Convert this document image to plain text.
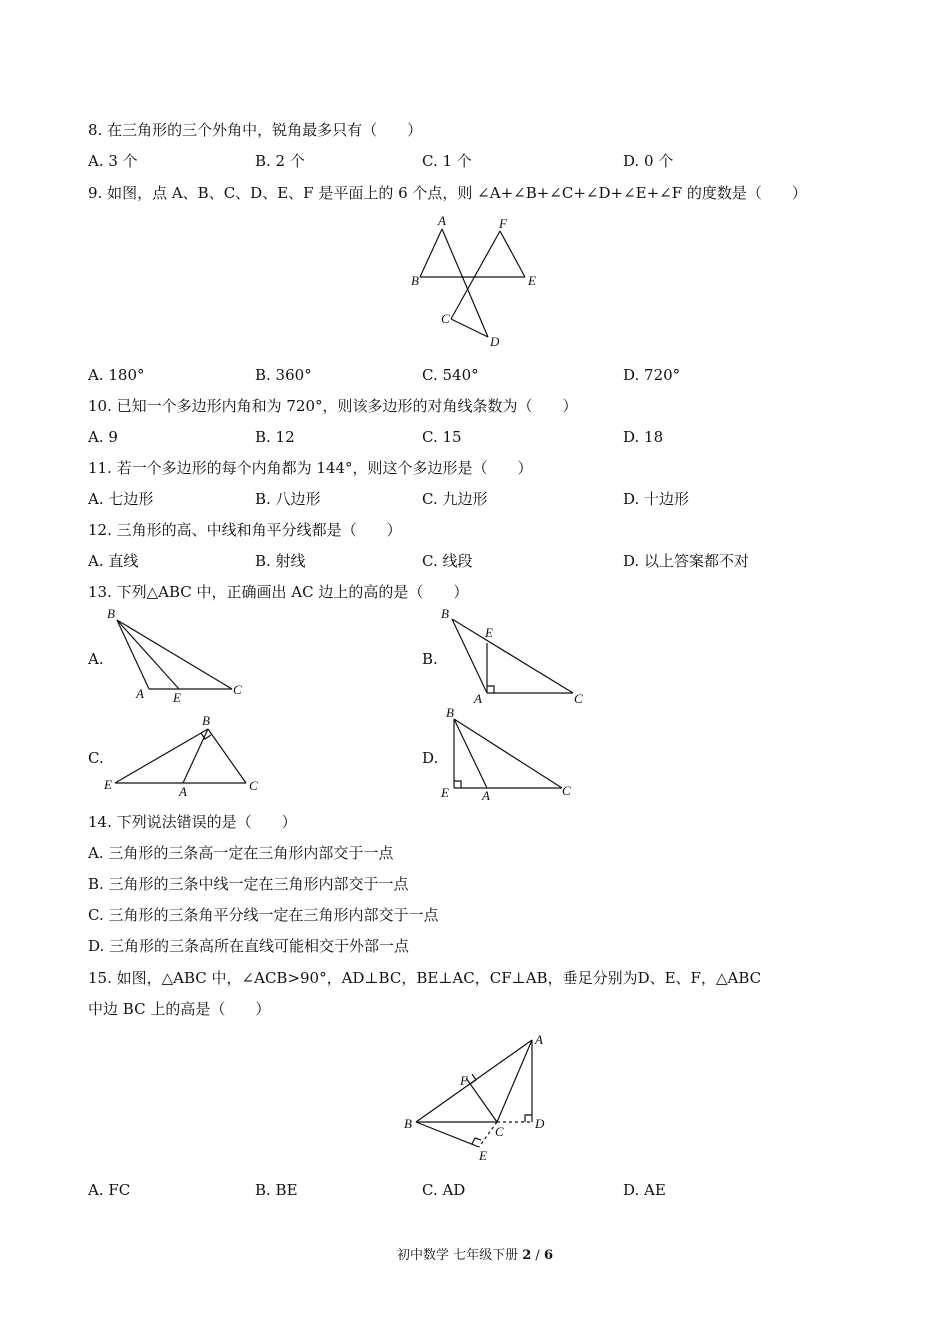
8. 在三角形的三个外角中，锐角最多只有（　　）
A. 3 个	B. 2 个	C. 1 个	D. 0 个
9. 如图，点 A、B、C、D、E、F 是平面上的 6 个点，则 ∠A+∠B+∠C+∠D+∠E+∠F 的度数是（　　）
A	F
B	E
C
D
A. 180°	B. 360°	C. 540°	D. 720°
10. 已知一个多边形内角和为 720°，则该多边形的对角线条数为（　　）
A. 9	B. 12	C. 15	D. 18
11. 若一个多边形的每个内角都为 144°，则这个多边形是（　　）
A. 七边形	B. 八边形	C. 九边形	D. 十边形
12. 三角形的高、中线和角平分线都是（　　）
A. 直线	B. 射线	C. 线段	D. 以上答案都不对
13. 下列△ABC 中，正确画出 AC 边上的高的是（　　）
A.
B
A E
C
B.
B
E
A	C
C.
B
E	A	C
D.
B
E	A	C
14. 下列说法错误的是（　　）
A. 三角形的三条高一定在三角形内部交于一点
B. 三角形的三条中线一定在三角形内部交于一点
C. 三角形的三条角平分线一定在三角形内部交于一点
D. 三角形的三条高所在直线可能相交于外部一点
15. 如图，△ABC 中，∠ACB>90°，AD⊥BC，BE⊥AC，CF⊥AB，垂足分别为D、E、F，△ABC
中边 BC 上的高是（　　）
A
F
B
C
D
E
A. FC	B. BE	C. AD	D. AE
初中数学 七年级下册 2 / 6
